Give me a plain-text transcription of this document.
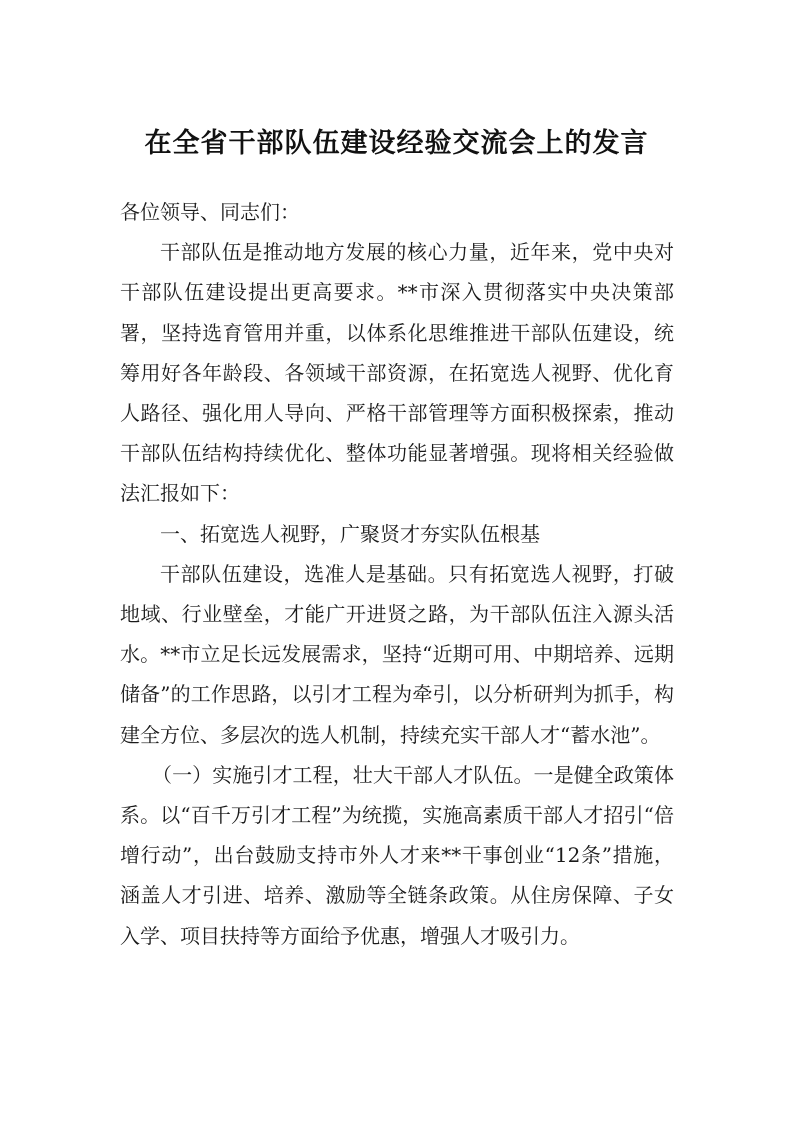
在全省干部队伍建设经验交流会上的发言

各位领导、同志们：

干部队伍是推动地方发展的核心力量，近年来，党中央对干部队伍建设提出更高要求。**市深入贯彻落实中央决策部署，坚持选育管用并重，以体系化思维推进干部队伍建设，统筹用好各年龄段、各领域干部资源，在拓宽选人视野、优化育人路径、强化用人导向、严格干部管理等方面积极探索，推动干部队伍结构持续优化、整体功能显著增强。现将相关经验做法汇报如下：

一、拓宽选人视野，广聚贤才夯实队伍根基

干部队伍建设，选准人是基础。只有拓宽选人视野，打破地域、行业壁垒，才能广开进贤之路，为干部队伍注入源头活水。**市立足长远发展需求，坚持“近期可用、中期培养、远期储备”的工作思路，以引才工程为牵引，以分析研判为抓手，构建全方位、多层次的选人机制，持续充实干部人才“蓄水池”。

（一）实施引才工程，壮大干部人才队伍。一是健全政策体系。以“百千万引才工程”为统揽，实施高素质干部人才招引“倍增行动”，出台鼓励支持市外人才来**干事创业“12条”措施，涵盖人才引进、培养、激励等全链条政策。从住房保障、子女入学、项目扶持等方面给予优惠，增强人才吸引力。
